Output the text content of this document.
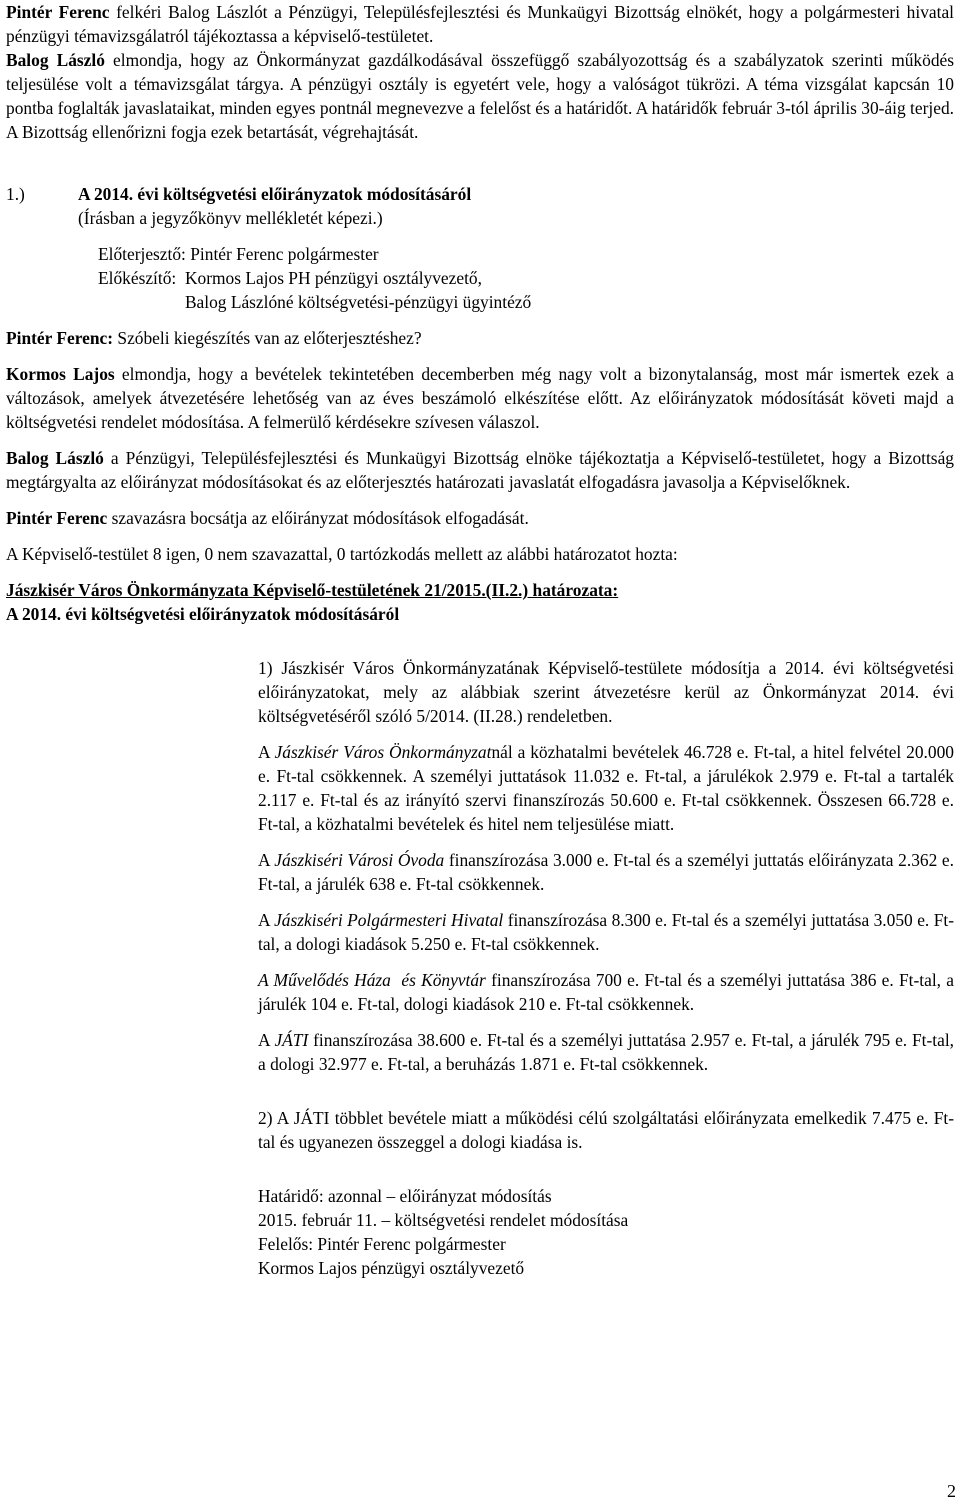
Pintér Ferenc felkéri Balog Lászlót a Pénzügyi, Településfejlesztési és Munkaügyi Bizottság elnökét, hogy a polgármesteri hivatal pénzügyi témavizsgálatról tájékoztassa a képviselő-testületet.

Balog László elmondja, hogy az Önkormányzat gazdálkodásával összefüggő szabályozottság és a szabályzatok szerinti működés teljesülése volt a témavizsgálat tárgya. A pénzügyi osztály is egyetért vele, hogy a valóságot tükrözi. A téma vizsgálat kapcsán 10 pontba foglalták javaslataikat, minden egyes pontnál megnevezve a felelőst és a határidőt. A határidők február 3-tól április 30-áig terjed. A Bizottság ellenőrizni fogja ezek betartását, végrehajtását.

1.)	A 2014. évi költségvetési előirányzatok módosításáról
(Írásban a jegyzőkönyv mellékletét képezi.)
Előterjesztő: Pintér Ferenc polgármester
Előkészítő: Kormos Lajos PH pénzügyi osztályvezető,
Balog Lászlóné költségvetési-pénzügyi ügyintéző

Pintér Ferenc: Szóbeli kiegészítés van az előterjesztéshez?

Kormos Lajos elmondja, hogy a bevételek tekintetében decemberben még nagy volt a bizonytalanság, most már ismertek ezek a változások, amelyek átvezetésére lehetőség van az éves beszámoló elkészítése előtt. Az előirányzatok módosítását követi majd a költségvetési rendelet módosítása. A felmerülő kérdésekre szívesen válaszol.

Balog László a Pénzügyi, Településfejlesztési és Munkaügyi Bizottság elnöke tájékoztatja a Képviselő-testületet, hogy a Bizottság megtárgyalta az előirányzat módosításokat és az előterjesztés határozati javaslatát elfogadásra javasolja a Képviselőknek.

Pintér Ferenc szavazásra bocsátja az előirányzat módosítások elfogadását.

A Képviselő-testület 8 igen, 0 nem szavazattal, 0 tartózkodás mellett az alábbi határozatot hozta:

Jászkisér Város Önkormányzata Képviselő-testületének 21/2015.(II.2.) határozata:

A 2014. évi költségvetési előirányzatok módosításáról

1) Jászkisér Város Önkormányzatának Képviselő-testülete módosítja a 2014. évi költségvetési előirányzatokat, mely az alábbiak szerint átvezetésre kerül az Önkormányzat 2014. évi költségvetéséről szóló 5/2014. (II.28.) rendeletben.

A Jászkisér Város Önkormányzatnál a közhatalmi bevételek 46.728 e. Ft-tal, a hitel felvétel 20.000 e. Ft-tal csökkennek. A személyi juttatások 11.032 e. Ft-tal, a járulékok 2.979 e. Ft-tal a tartalék 2.117 e. Ft-tal és az irányító szervi finanszírozás 50.600 e. Ft-tal csökkennek. Összesen 66.728 e. Ft-tal, a közhatalmi bevételek és hitel nem teljesülése miatt.

A Jászkiséri Városi Óvoda finanszírozása 3.000 e. Ft-tal és a személyi juttatás előirányzata 2.362 e. Ft-tal, a járulék 638 e. Ft-tal csökkennek.

A Jászkiséri Polgármesteri Hivatal finanszírozása 8.300 e. Ft-tal és a személyi juttatása 3.050 e. Ft-tal, a dologi kiadások 5.250 e. Ft-tal csökkennek.

A Művelődés Háza  és Könyvtár finanszírozása 700 e. Ft-tal és a személyi juttatása 386 e. Ft-tal, a járulék 104 e. Ft-tal, dologi kiadások 210 e. Ft-tal csökkennek.

A JÁTI finanszírozása 38.600 e. Ft-tal és a személyi juttatása 2.957 e. Ft-tal, a járulék 795 e. Ft-tal, a dologi 32.977 e. Ft-tal, a beruházás 1.871 e. Ft-tal csökkennek.

2) A JÁTI többlet bevétele miatt a működési célú szolgáltatási előirányzata emelkedik 7.475 e. Ft-tal és ugyanezen összeggel a dologi kiadása is.

Határidő: azonnal – előirányzat módosítás

2015. február 11. – költségvetési rendelet módosítása

Felelős: Pintér Ferenc polgármester

Kormos Lajos pénzügyi osztályvezető

2
